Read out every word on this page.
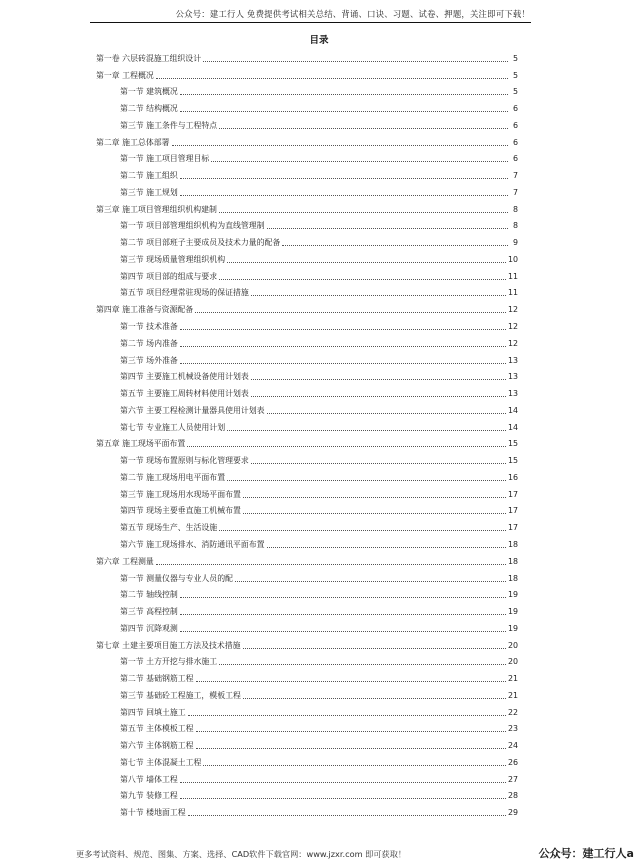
公众号：建工行人 免费提供考试相关总结、背诵、口诀、习题、试卷、押题，关注即可下载！
目录
第一卷 六层砖混施工组织设计	5
第一章 工程概况	5
第一节 建筑概况	5
第二节 结构概况	6
第三节 施工条件与工程特点	6
第二章 施工总体部署	6
第一节 施工项目管理目标	6
第二节 施工组织	7
第三节 施工规划	7
第三章 施工项目管理组织机构建制	8
第一节 项目部管理组织机构为直线管理制	8
第二节 项目部班子主要成员及技术力量的配备	9
第三节 现场质量管理组织机构	10
第四节 项目部的组成与要求	11
第五节 项目经理常驻现场的保证措施	11
第四章 施工准备与资源配备	12
第一节 技术准备	12
第二节 场内准备	12
第三节 场外准备	13
第四节 主要施工机械设备使用计划表	13
第五节 主要施工周转材料使用计划表	13
第六节 主要工程检测计量器具使用计划表	14
第七节 专业施工人员使用计划	14
第五章 施工现场平面布置	15
第一节 现场布置原则与标化管理要求	15
第二节 施工现场用电平面布置	16
第三节 施工现场用水现场平面布置	17
第四节 现场主要垂直施工机械布置	17
第五节 现场生产、生活设施	17
第六节 施工现场排水、消防通讯平面布置	18
第六章 工程测量	18
第一节 测量仪器与专业人员的配	18
第二节 轴线控制	19
第三节 高程控制	19
第四节 沉降观测	19
第七章 土建主要项目施工方法及技术措施	20
第一节 土方开挖与排水施工	20
第二节 基础钢筋工程	21
第三节 基础砼工程施工，模板工程	21
第四节 回填土施工	22
第五节 主体模板工程	23
第六节 主体钢筋工程	24
第七节 主体混凝土工程	26
第八节 墙体工程	27
第九节 装修工程	28
第十节 楼地面工程	29
更多考试资料、规范、图集、方案、选择、CAD软件下载官网：www.jzxr.com 即可获取！	公众号：建工行人a
